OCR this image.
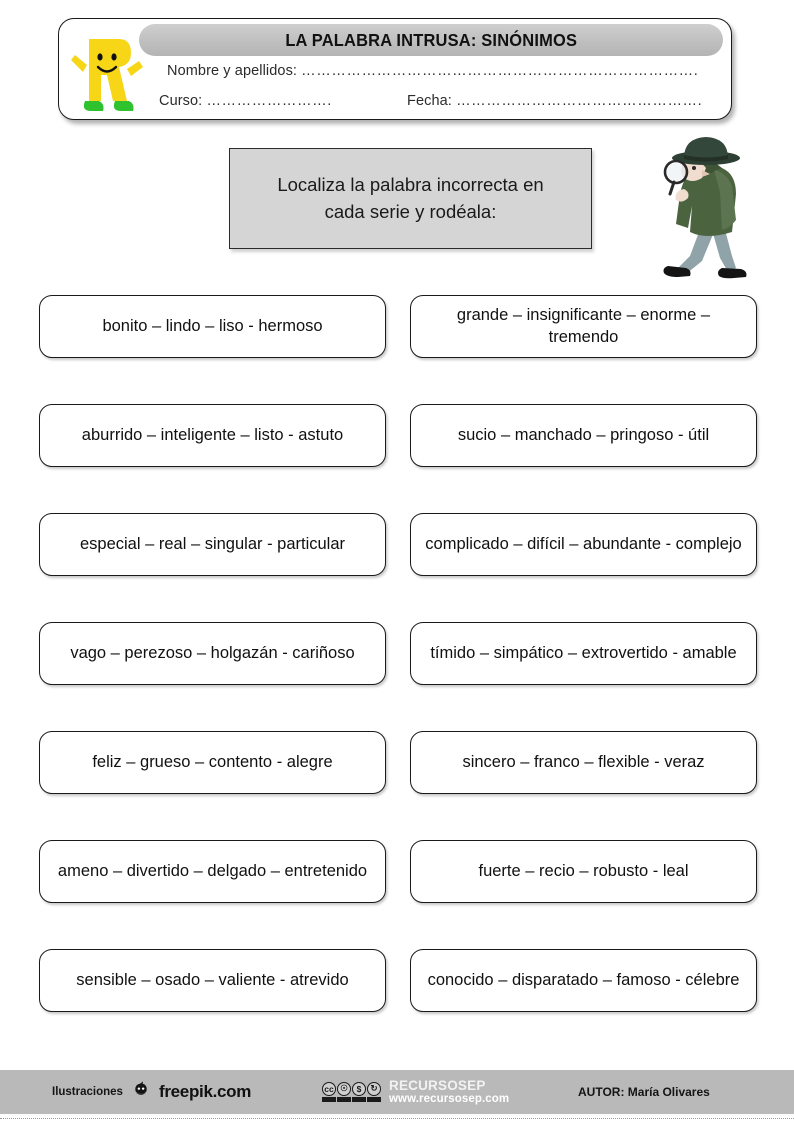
LA PALABRA INTRUSA: SINÓNIMOS
Nombre y apellidos: …………………………………………………………………….
Curso: …………………….	Fecha: ………………………………………….
Localiza la palabra incorrecta en
cada serie y rodéala:
bonito – lindo – liso - hermoso
grande – insignificante – enorme – tremendo
aburrido – inteligente – listo - astuto	sucio – manchado – pringoso - útil
especial – real – singular - particular	complicado – difícil – abundante - complejo
vago – perezoso – holgazán - cariñoso	tímido – simpático – extrovertido - amable
feliz – grueso – contento - alegre	sincero – franco – flexible - veraz
ameno – divertido – delgado – entretenido	fuerte – recio – robusto - leal
sensible – osado – valiente - atrevido	conocido – disparatado – famoso - célebre
Ilustraciones freepik.com	cc ☉	$	↻ RECURSOSEP
www.recursosep.com
AUTOR: María Olivares
